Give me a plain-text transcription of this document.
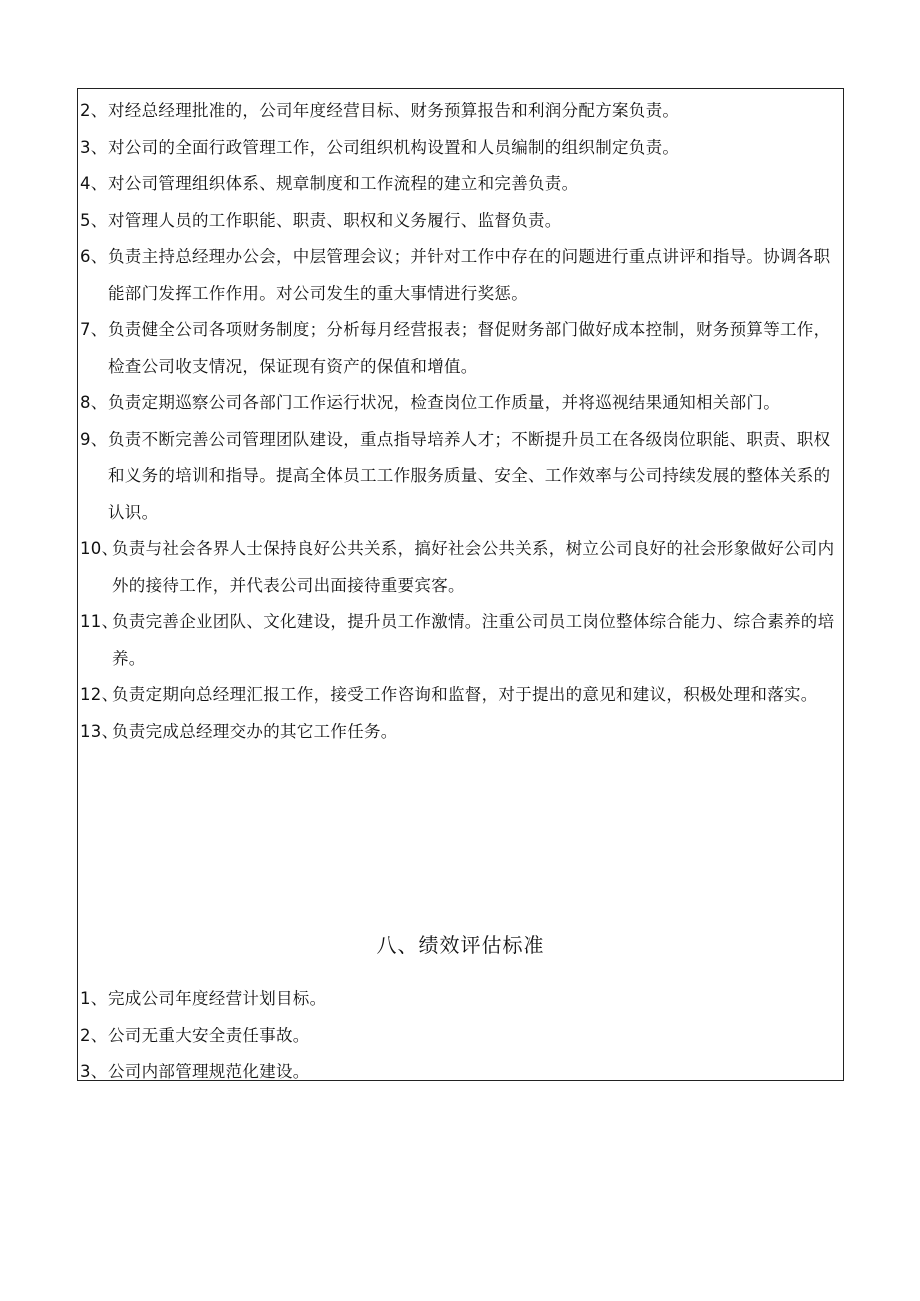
2、 对经总经理批准的，公司年度经营目标、财务预算报告和利润分配方案负责。
3、 对公司的全面行政管理工作，公司组织机构设置和人员编制的组织制定负责。
4、 对公司管理组织体系、规章制度和工作流程的建立和完善负责。
5、 对管理人员的工作职能、职责、职权和义务履行、监督负责。
6、 负责主持总经理办公会，中层管理会议；并针对工作中存在的问题进行重点讲评和指导。协调各职能部门发挥工作作用。对公司发生的重大事情进行奖惩。
7、 负责健全公司各项财务制度；分析每月经营报表；督促财务部门做好成本控制，财务预算等工作，检查公司收支情况，保证现有资产的保值和增值。
8、 负责定期巡察公司各部门工作运行状况，检查岗位工作质量，并将巡视结果通知相关部门。
9、 负责不断完善公司管理团队建设，重点指导培养人才；不断提升员工在各级岗位职能、职责、职权和义务的培训和指导。提高全体员工工作服务质量、安全、工作效率与公司持续发展的整体关系的认识。
10、
负责与社会各界人士保持良好公共关系，搞好社会公共关系，树立公司良好的社会形象做好公司内外的接待工作，并代表公司出面接待重要宾客。
11、
负责完善企业团队、文化建设，提升员工作激情。注重公司员工岗位整体综合能力、综合素养的培养。
12、
负责定期向总经理汇报工作，接受工作咨询和监督，对于提出的意见和建议，积极处理和落实。
13、
负责完成总经理交办的其它工作任务。
八、绩效评估标准
1、 完成公司年度经营计划目标。
2、 公司无重大安全责任事故。
3、 公司内部管理规范化建设。
